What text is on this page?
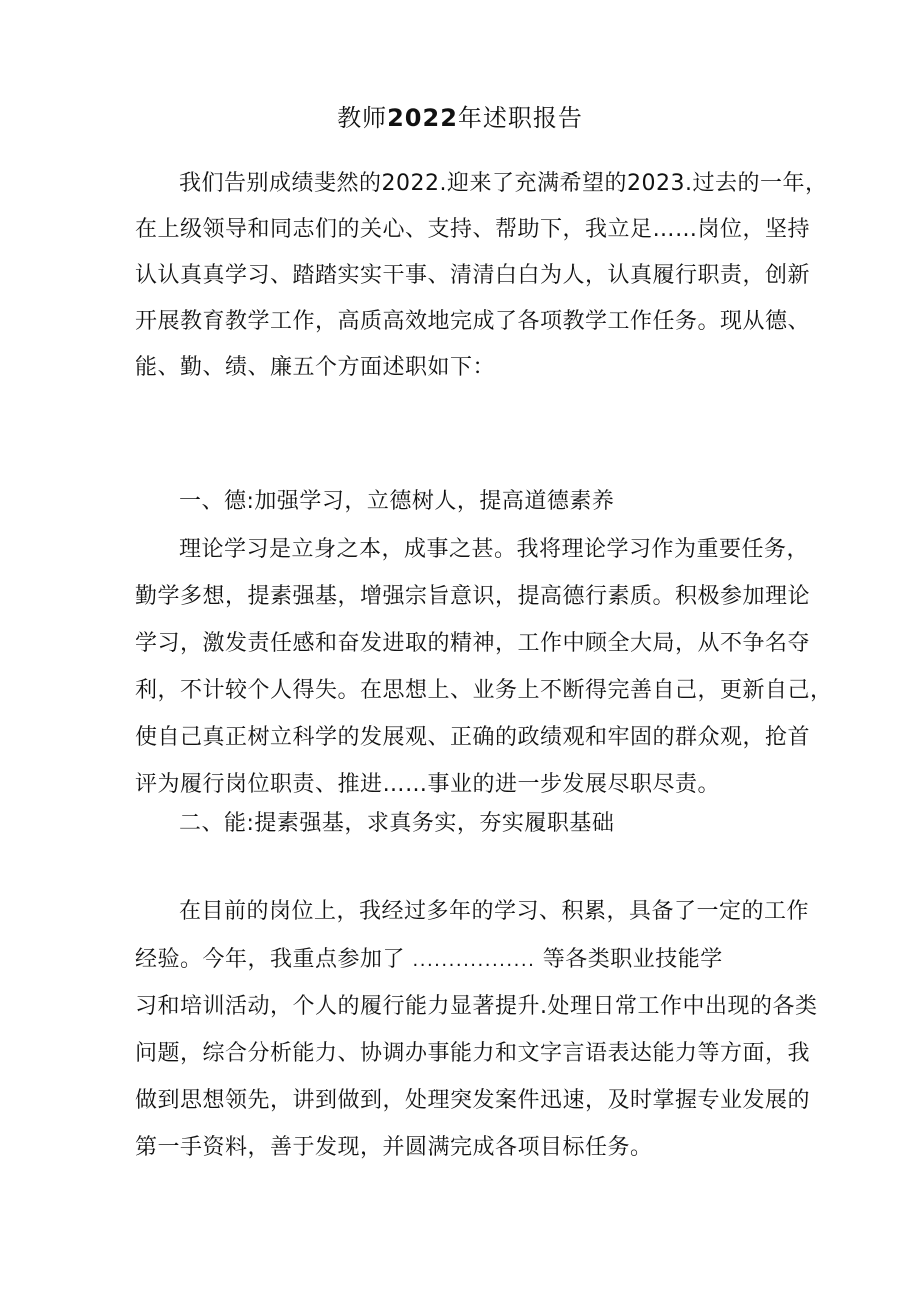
教师2022年述职报告
我们告别成绩斐然的2022.迎来了充满希望的2023.过去的一年，
在上级领导和同志们的关心、支持、帮助下，我立足……岗位，坚持
认认真真学习、踏踏实实干事、清清白白为人，认真履行职责，创新
开展教育教学工作，高质高效地完成了各项教学工作任务。现从德、
能、勤、绩、廉五个方面述职如下：
一、德:加强学习，立德树人，提高道德素养
理论学习是立身之本，成事之甚。我将理论学习作为重要任务，
勤学多想，提素强基，增强宗旨意识，提高德行素质。积极参加理论
学习，激发责任感和奋发进取的精神，工作中顾全大局，从不争名夺
利，不计较个人得失。在思想上、业务上不断得完善自己，更新自己，
使自己真正树立科学的发展观、正确的政绩观和牢固的群众观，抢首
评为履行岗位职责、推进……事业的进一步发展尽职尽责。
二、能:提素强基，求真务实，夯实履职基础
在目前的岗位上，我经过多年的学习、积累，具备了一定的工作
经验。今年，我重点参加了 ................. 等各类职业技能学
习和培训活动，个人的履行能力显著提升.处理日常工作中出现的各类
问题，综合分析能力、协调办事能力和文字言语表达能力等方面，我
做到思想领先，讲到做到，处理突发案件迅速，及时掌握专业发展的
第一手资料，善于发现，并圆满完成各项目标任务。
